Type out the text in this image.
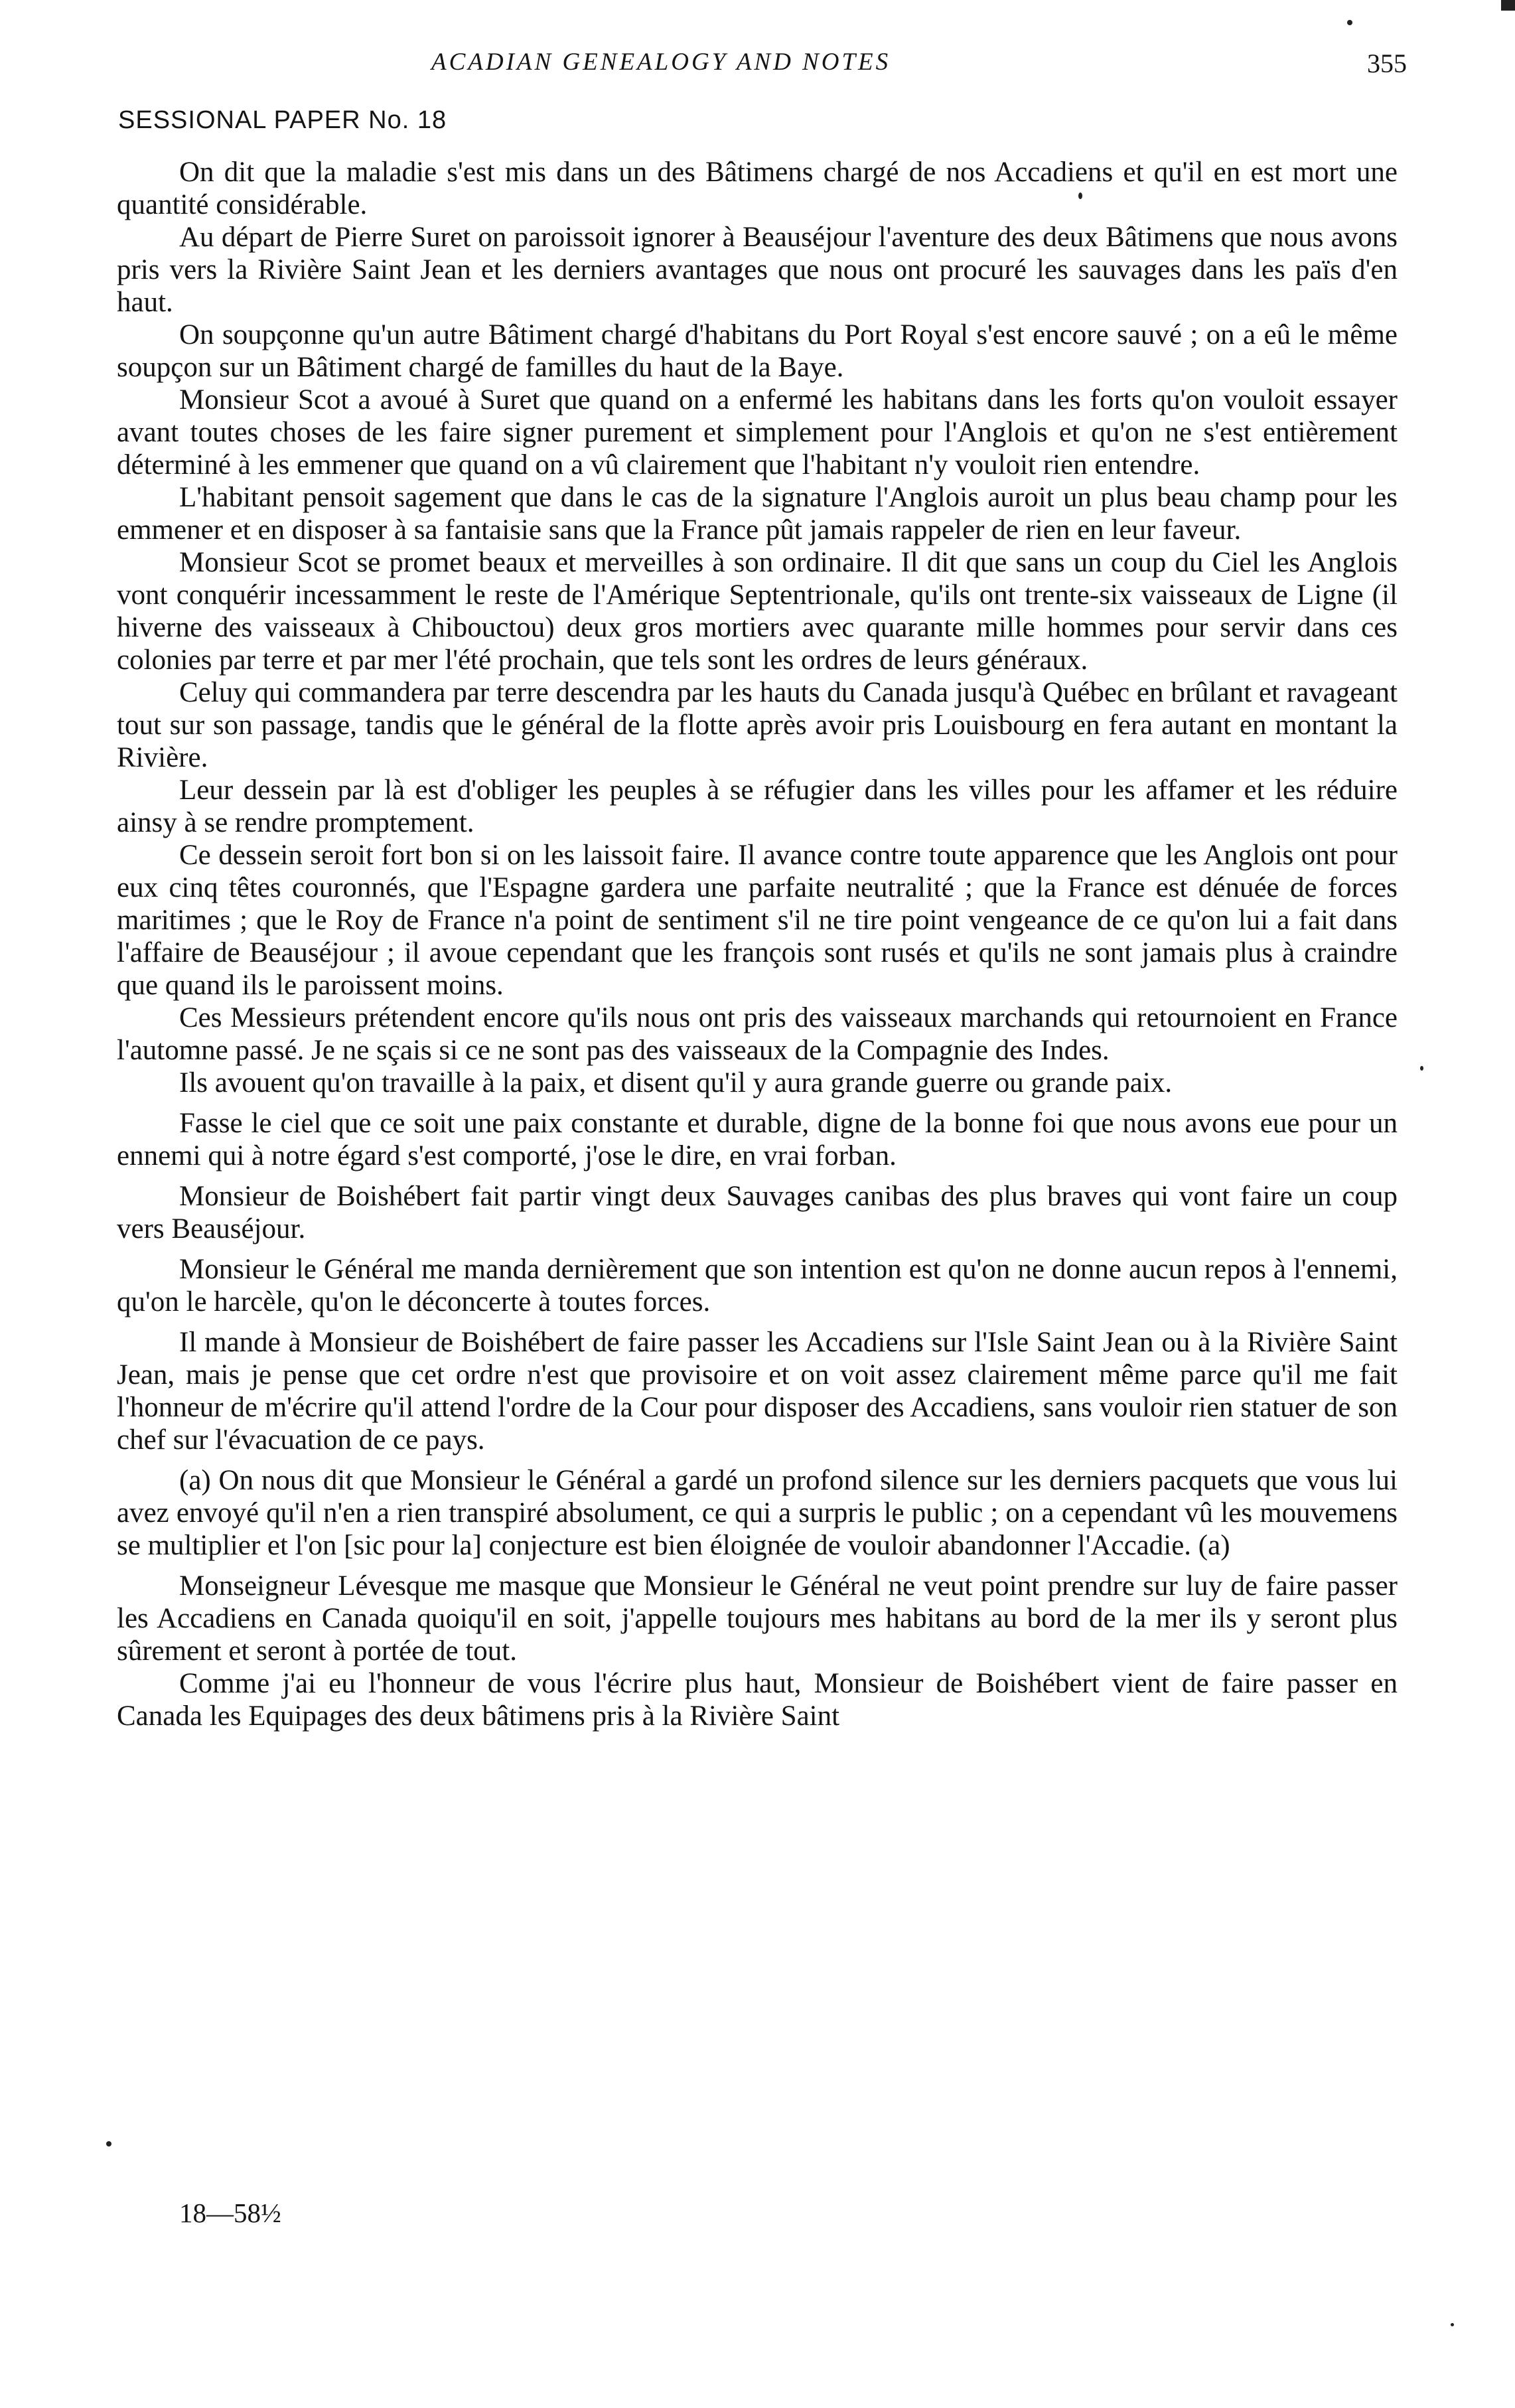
ACADIAN GENEALOGY AND NOTES	355
SESSIONAL PAPER No. 18

On dit que la maladie s'est mis dans un des Bâtimens chargé de nos Accadiens et qu'il en est mort une quantité considérable.

Au départ de Pierre Suret on paroissoit ignorer à Beauséjour l'aventure des deux Bâtimens que nous avons pris vers la Rivière Saint Jean et les derniers avantages que nous ont procuré les sauvages dans les païs d'en haut.

On soupçonne qu'un autre Bâtiment chargé d'habitans du Port Royal s'est encore sauvé ; on a eû le même soupçon sur un Bâtiment chargé de familles du haut de la Baye.

Monsieur Scot a avoué à Suret que quand on a enfermé les habitans dans les forts qu'on vouloit essayer avant toutes choses de les faire signer purement et simplement pour l'Anglois et qu'on ne s'est entièrement déterminé à les emmener que quand on a vû clairement que l'habitant n'y vouloit rien entendre.

L'habitant pensoit sagement que dans le cas de la signature l'Anglois auroit un plus beau champ pour les emmener et en disposer à sa fantaisie sans que la France pût jamais rappeler de rien en leur faveur.

Monsieur Scot se promet beaux et merveilles à son ordinaire. Il dit que sans un coup du Ciel les Anglois vont conquérir incessamment le reste de l'Amérique Septentrionale, qu'ils ont trente-six vaisseaux de Ligne (il hiverne des vaisseaux à Chibouctou) deux gros mortiers avec quarante mille hommes pour servir dans ces colonies par terre et par mer l'été prochain, que tels sont les ordres de leurs généraux.

Celuy qui commandera par terre descendra par les hauts du Canada jusqu'à Québec en brûlant et ravageant tout sur son passage, tandis que le général de la flotte après avoir pris Louisbourg en fera autant en montant la Rivière.

Leur dessein par là est d'obliger les peuples à se réfugier dans les villes pour les affamer et les réduire ainsy à se rendre promptement.

Ce dessein seroit fort bon si on les laissoit faire. Il avance contre toute apparence que les Anglois ont pour eux cinq têtes couronnés, que l'Espagne gardera une parfaite neutralité ; que la France est dénuée de forces maritimes ; que le Roy de France n'a point de sentiment s'il ne tire point vengeance de ce qu'on lui a fait dans l'affaire de Beauséjour ; il avoue cependant que les françois sont rusés et qu'ils ne sont jamais plus à craindre que quand ils le paroissent moins.

Ces Messieurs prétendent encore qu'ils nous ont pris des vaisseaux marchands qui retournoient en France l'automne passé. Je ne sçais si ce ne sont pas des vaisseaux de la Compagnie des Indes.

Ils avouent qu'on travaille à la paix, et disent qu'il y aura grande guerre ou grande paix.

Fasse le ciel que ce soit une paix constante et durable, digne de la bonne foi que nous avons eue pour un ennemi qui à notre égard s'est comporté, j'ose le dire, en vrai forban.

Monsieur de Boishébert fait partir vingt deux Sauvages canibas des plus braves qui vont faire un coup vers Beauséjour.

Monsieur le Général me manda dernièrement que son intention est qu'on ne donne aucun repos à l'ennemi, qu'on le harcèle, qu'on le déconcerte à toutes forces.

Il mande à Monsieur de Boishébert de faire passer les Accadiens sur l'Isle Saint Jean ou à la Rivière Saint Jean, mais je pense que cet ordre n'est que provisoire et on voit assez clairement même parce qu'il me fait l'honneur de m'écrire qu'il attend l'ordre de la Cour pour disposer des Accadiens, sans vouloir rien statuer de son chef sur l'évacuation de ce pays.

(a) On nous dit que Monsieur le Général a gardé un profond silence sur les derniers pacquets que vous lui avez envoyé qu'il n'en a rien transpiré absolument, ce qui a surpris le public ; on a cependant vû les mouvemens se multiplier et l'on [sic pour la] conjecture est bien éloignée de vouloir abandonner l'Accadie. (a)

Monseigneur Lévesque me masque que Monsieur le Général ne veut point prendre sur luy de faire passer les Accadiens en Canada quoiqu'il en soit, j'appelle toujours mes habitans au bord de la mer ils y seront plus sûrement et seront à portée de tout.

Comme j'ai eu l'honneur de vous l'écrire plus haut, Monsieur de Boishébert vient de faire passer en Canada les Equipages des deux bâtimens pris à la Rivière Saint

18—58½
